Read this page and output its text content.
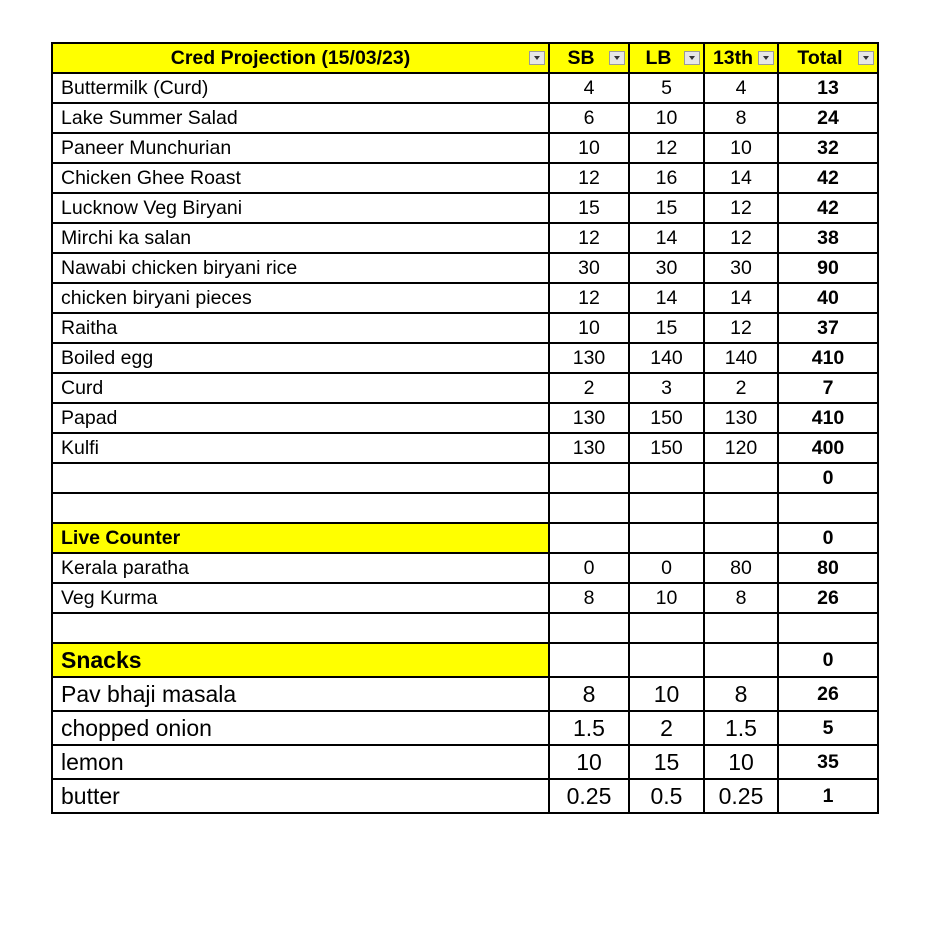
Cred Projection (15/03/23)	SB	LB	13th	Total

Buttermilk (Curd)	4	5	4	13
Lake Summer Salad	6	10	8	24
Paneer Munchurian	10	12	10	32
Chicken Ghee Roast	12	16	14	42
Lucknow Veg Biryani	15	15	12	42
Mirchi ka salan	12	14	12	38
Nawabi chicken biryani rice	30	30	30	90
chicken biryani pieces	12	14	14	40
Raitha	10	15	12	37
Boiled egg	130	140	140	410
Curd	2	3	2	7
Papad	130	150	130	410
Kulfi	130	150	120	400
				0

Live Counter				0
Kerala paratha	0	0	80	80
Veg Kurma	8	10	8	26

Snacks				0
Pav bhaji masala	8	10	8	26
chopped onion	1.5	2	1.5	5
lemon	10	15	10	35
butter	0.25	0.5	0.25	1
